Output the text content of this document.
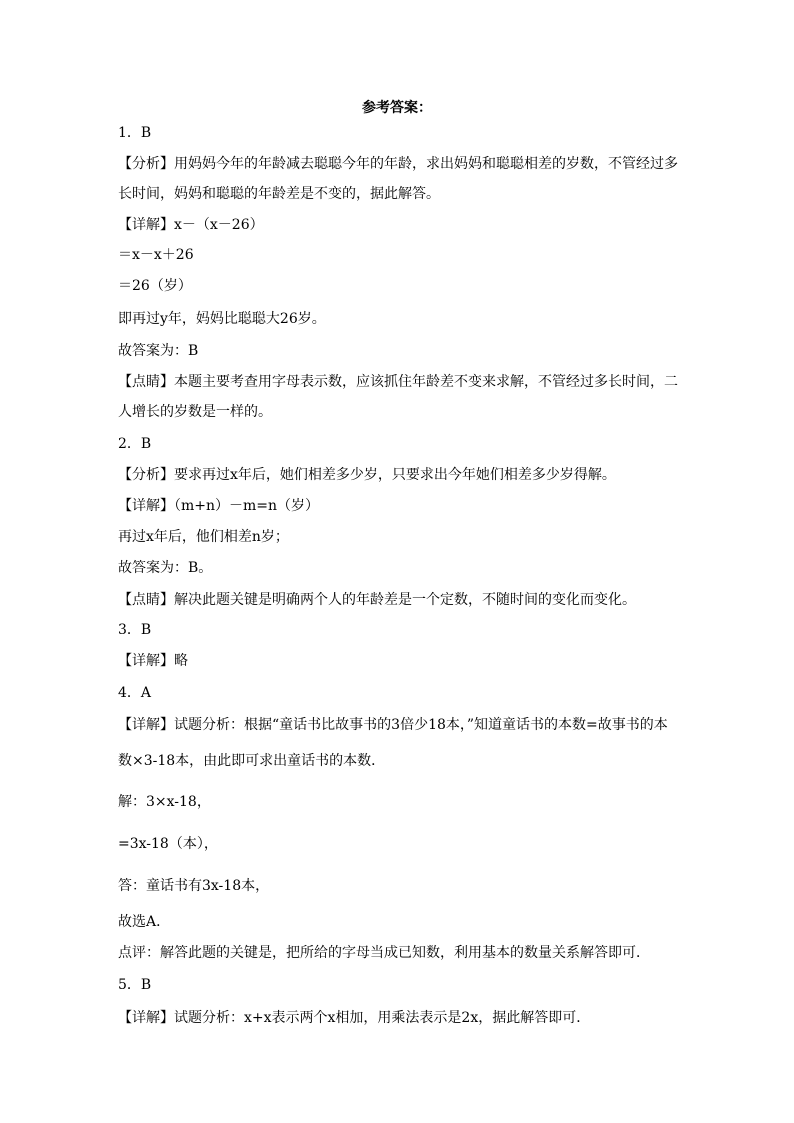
参考答案：
1．B
【分析】用妈妈今年的年龄减去聪聪今年的年龄，求出妈妈和聪聪相差的岁数，不管经过多
长时间，妈妈和聪聪的年龄差是不变的，据此解答。
【详解】x－（x－26）
＝x－x＋26
＝26（岁）
即再过y年，妈妈比聪聪大26岁。
故答案为：B
【点睛】本题主要考查用字母表示数，应该抓住年龄差不变来求解，不管经过多长时间，二
人增长的岁数是一样的。
2．B
【分析】要求再过x年后，她们相差多少岁，只要求出今年她们相差多少岁得解。
【详解】（m+n）－m=n（岁）
再过x年后，他们相差n岁；
故答案为：B。
【点睛】解决此题关键是明确两个人的年龄差是一个定数，不随时间的变化而变化。
3．B
【详解】略
4．A
【详解】试题分析：根据“童话书比故事书的3倍少18本，”知道童话书的本数=故事书的本
数×3-18本，由此即可求出童话书的本数．
解：3×x-18，
=3x-18（本），
答：童话书有3x-18本，
故选A．
点评：解答此题的关键是，把所给的字母当成已知数，利用基本的数量关系解答即可．
5．B
【详解】试题分析：x+x表示两个x相加，用乘法表示是2x，据此解答即可．
